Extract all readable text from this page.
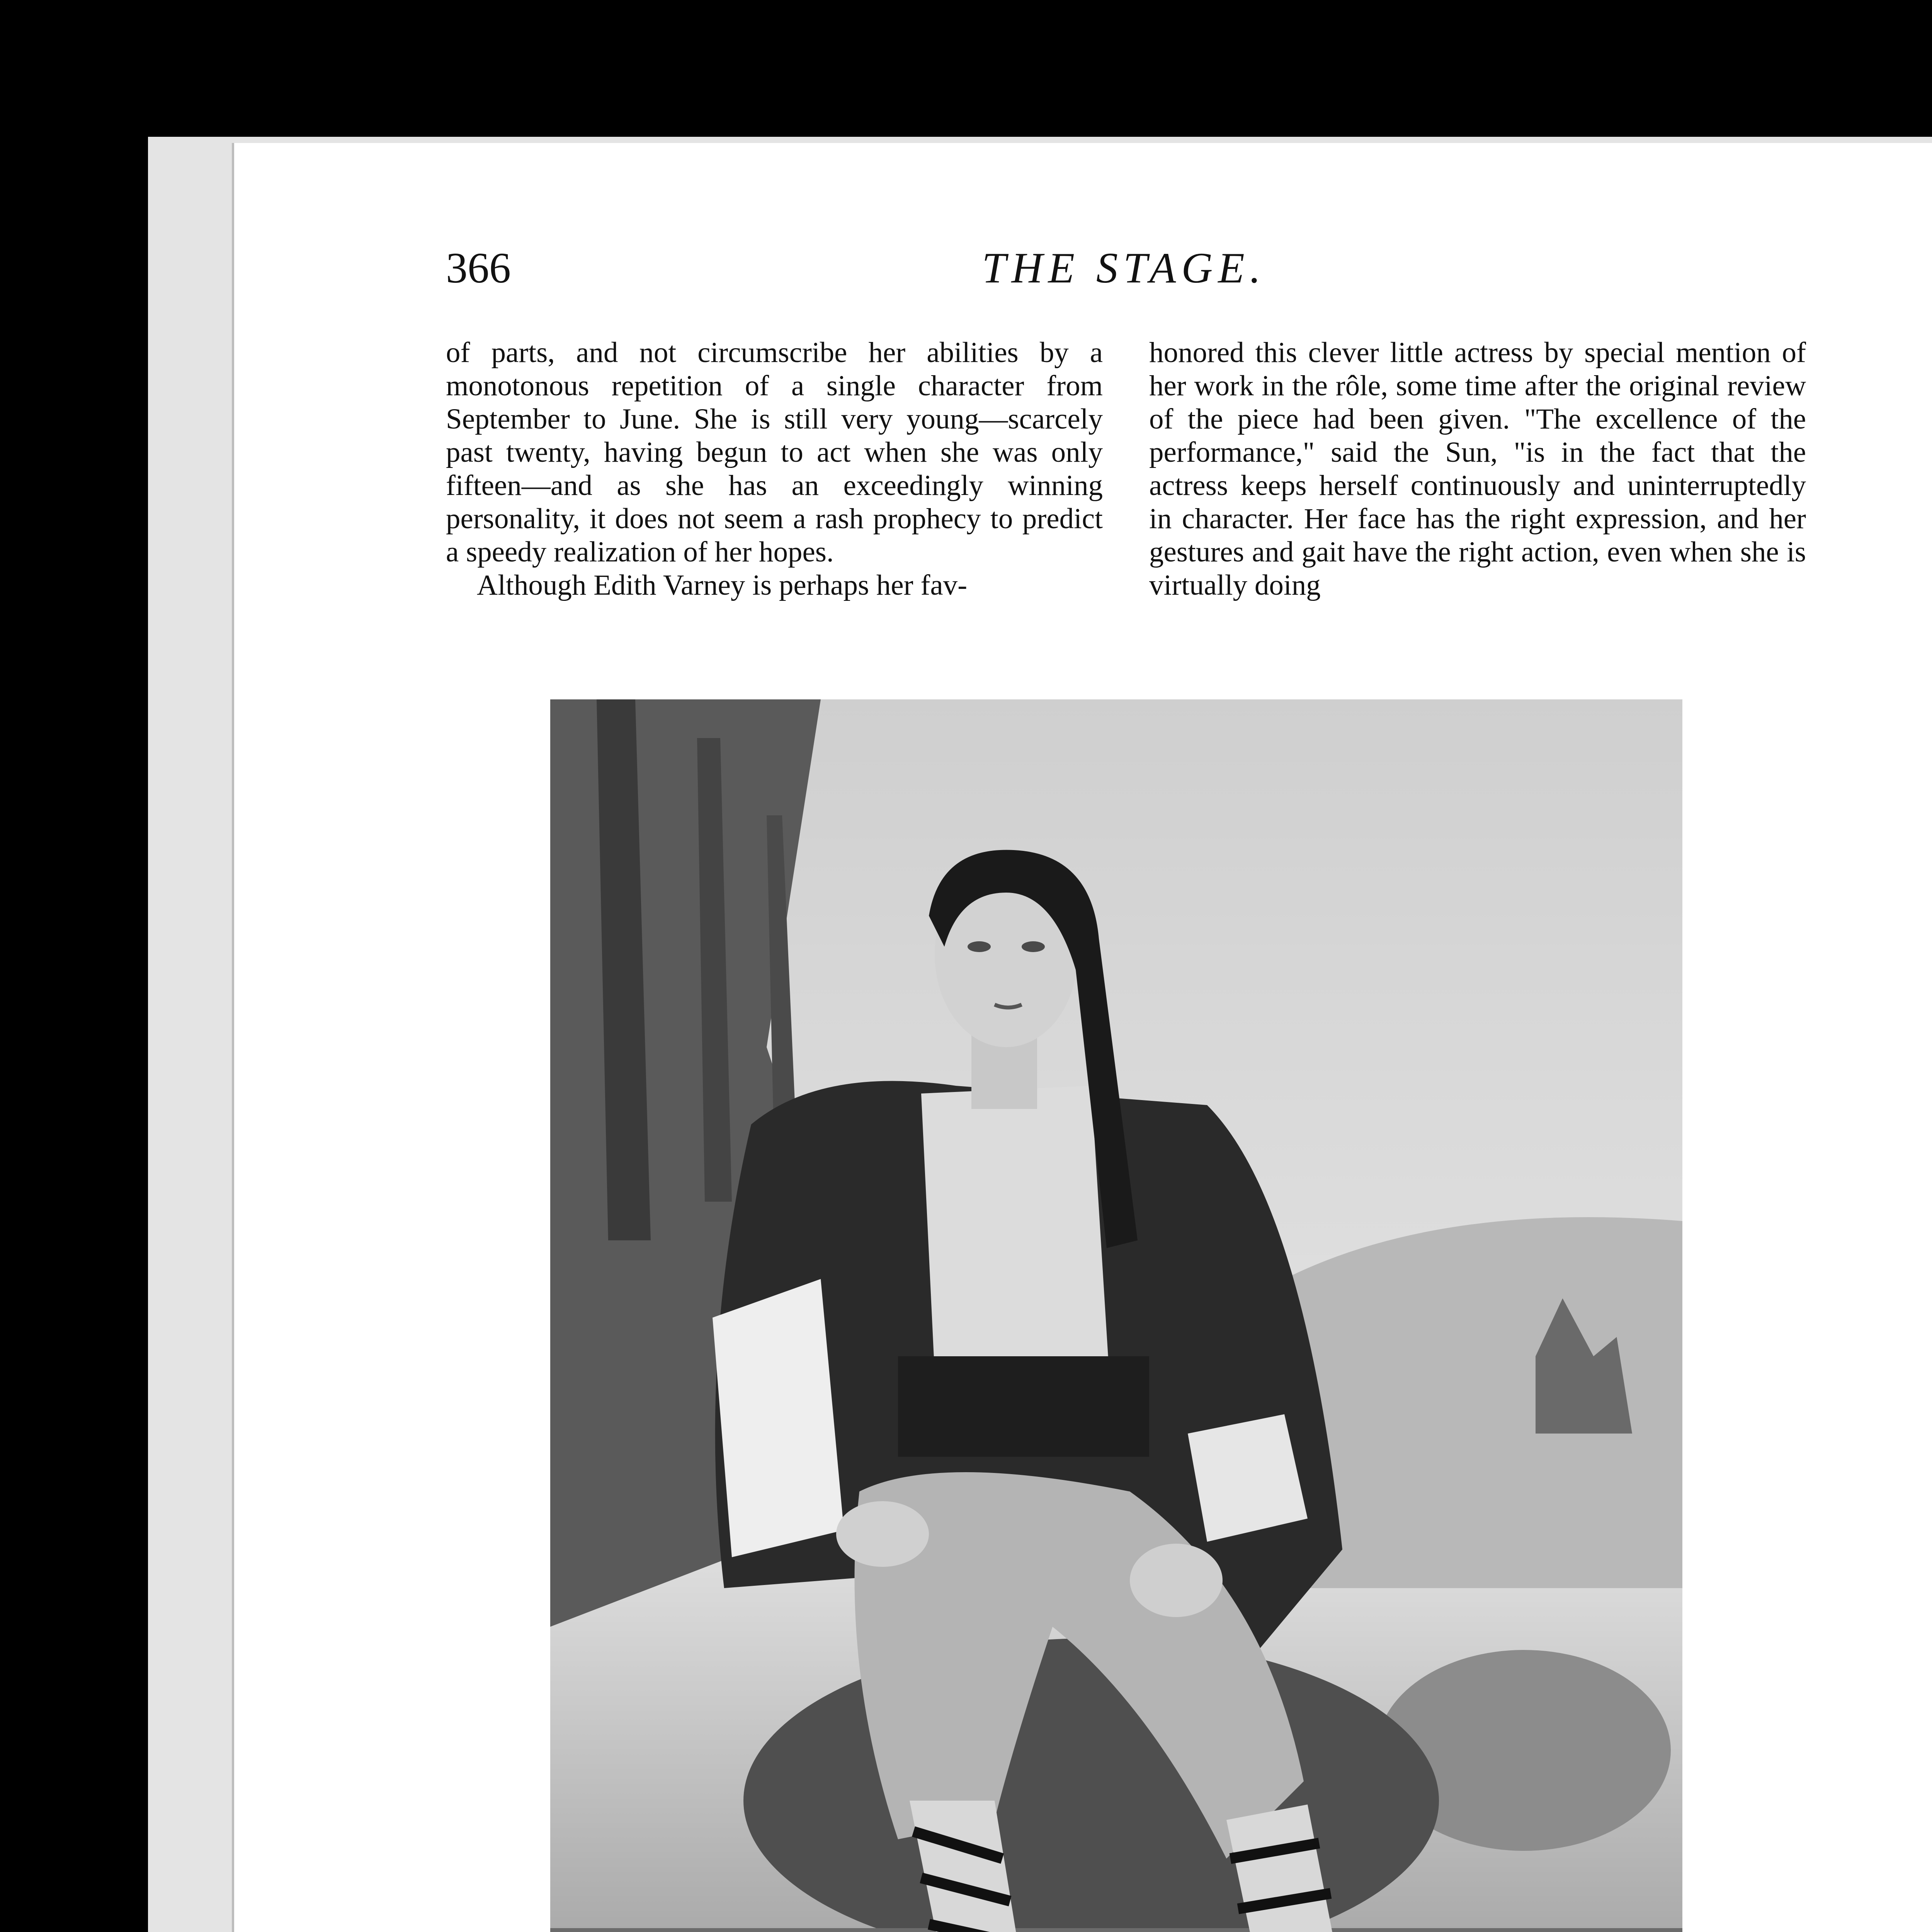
366	THE STAGE.

of parts, and not circumscribe her abilities by a monotonous repetition of a single character from September to June. She is still very young—scarcely past twenty, having begun to act when she was only fifteen—and as she has an exceedingly winning personality, it does not seem a rash prophecy to predict a speedy realization of her hopes.

Although Edith Varney is perhaps her fav-

honored this clever little actress by special mention of her work in the rôle, some time after the original review of the piece had been given. "The excellence of the performance," said the Sun, "is in the fact that the actress keeps herself continuously and uninterruptedly in character. Her face has the right expression, and her gestures and gait have the right action, even when she is virtually doing
